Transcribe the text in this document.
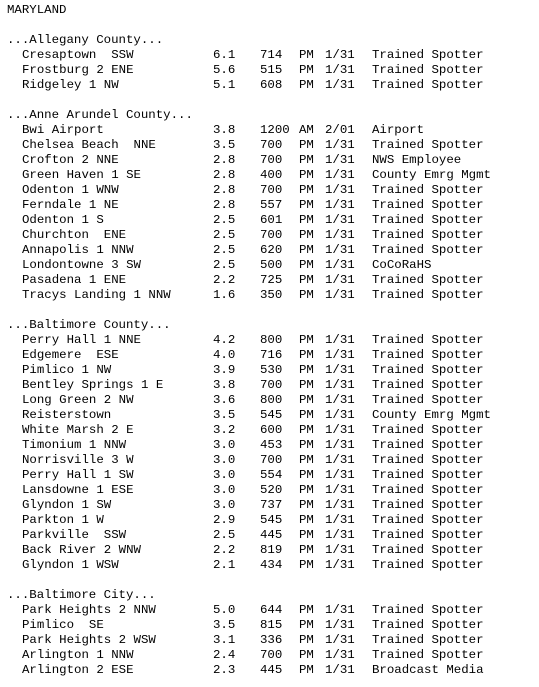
MARYLAND
...Allegany County...
Cresaptown  SSW	6.1 714 PM 1/31 Trained Spotter
Frostburg 2 ENE	5.6 515 PM 1/31 Trained Spotter
Ridgeley 1 NW	5.1 608 PM 1/31 Trained Spotter
...Anne Arundel County...
Bwi Airport	3.8 1200 AM 2/01 Airport
Chelsea Beach  NNE	3.5 700 PM 1/31 Trained Spotter
Crofton 2 NNE	2.8 700 PM 1/31 NWS Employee
Green Haven 1 SE	2.8 400 PM 1/31 County Emrg Mgmt
Odenton 1 WNW	2.8 700 PM 1/31 Trained Spotter
Ferndale 1 NE	2.8 557 PM 1/31 Trained Spotter
Odenton 1 S	2.5 601 PM 1/31 Trained Spotter
Churchton  ENE	2.5 700 PM 1/31 Trained Spotter
Annapolis 1 NNW	2.5 620 PM 1/31 Trained Spotter
Londontowne 3 SW	2.5 500 PM 1/31 CoCoRaHS
Pasadena 1 ENE	2.2 725 PM 1/31 Trained Spotter
Tracys Landing 1 NNW	1.6 350 PM 1/31 Trained Spotter
...Baltimore County...
Perry Hall 1 NNE	4.2 800 PM 1/31 Trained Spotter
Edgemere  ESE	4.0 716 PM 1/31 Trained Spotter
Pimlico 1 NW	3.9 530 PM 1/31 Trained Spotter
Bentley Springs 1 E	3.8 700 PM 1/31 Trained Spotter
Long Green 2 NW	3.6 800 PM 1/31 Trained Spotter
Reisterstown	3.5 545 PM 1/31 County Emrg Mgmt
White Marsh 2 E	3.2 600 PM 1/31 Trained Spotter
Timonium 1 NNW	3.0 453 PM 1/31 Trained Spotter
Norrisville 3 W	3.0 700 PM 1/31 Trained Spotter
Perry Hall 1 SW	3.0 554 PM 1/31 Trained Spotter
Lansdowne 1 ESE	3.0 520 PM 1/31 Trained Spotter
Glyndon 1 SW	3.0 737 PM 1/31 Trained Spotter
Parkton 1 W	2.9 545 PM 1/31 Trained Spotter
Parkville  SSW	2.5 445 PM 1/31 Trained Spotter
Back River 2 WNW	2.2 819 PM 1/31 Trained Spotter
Glyndon 1 WSW	2.1 434 PM 1/31 Trained Spotter
...Baltimore City...
Park Heights 2 NNW	5.0 644 PM 1/31 Trained Spotter
Pimlico  SE	3.5 815 PM 1/31 Trained Spotter
Park Heights 2 WSW	3.1 336 PM 1/31 Trained Spotter
Arlington 1 NNW	2.4 700 PM 1/31 Trained Spotter
Arlington 2 ESE	2.3 445 PM 1/31 Broadcast Media
